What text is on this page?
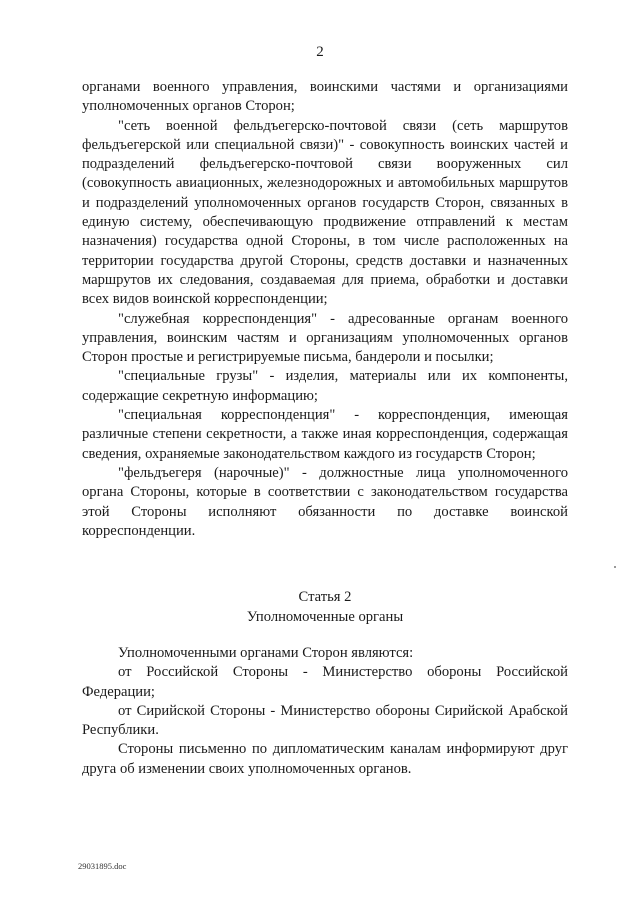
2

органами военного управления, воинскими частями и организациями уполномоченных органов Сторон;

"сеть военной фельдъегерско-почтовой связи (сеть маршрутов фельдъегерской или специальной связи)" - совокупность воинских частей и подразделений фельдъегерско-почтовой связи вооруженных сил (совокупность авиационных, железнодорожных и автомобильных маршрутов и подразделений уполномоченных органов государств Сторон, связанных в единую систему, обеспечивающую продвижение отправлений к местам назначения) государства одной Стороны, в том числе расположенных на территории государства другой Стороны, средств доставки и назначенных маршрутов их следования, создаваемая для приема, обработки и доставки всех видов воинской корреспонденции;

"служебная корреспонденция" - адресованные органам военного управления, воинским частям и организациям уполномоченных органов Сторон простые и регистрируемые письма, бандероли и посылки;

"специальные грузы" - изделия, материалы или их компоненты, содержащие секретную информацию;

"специальная корреспонденция" - корреспонденция, имеющая различные степени секретности, а также иная корреспонденция, содержащая сведения, охраняемые законодательством каждого из государств Сторон;

"фельдъегеря (нарочные)" - должностные лица уполномоченного органа Стороны, которые в соответствии с законодательством государства этой Стороны исполняют обязанности по доставке воинской корреспонденции.

Статья 2
Уполномоченные органы

Уполномоченными органами Сторон являются:

от Российской Стороны - Министерство обороны Российской Федерации;

от Сирийской Стороны - Министерство обороны Сирийской Арабской Республики.

Стороны письменно по дипломатическим каналам информируют друг друга об изменении своих уполномоченных органов.

29031895.doc
